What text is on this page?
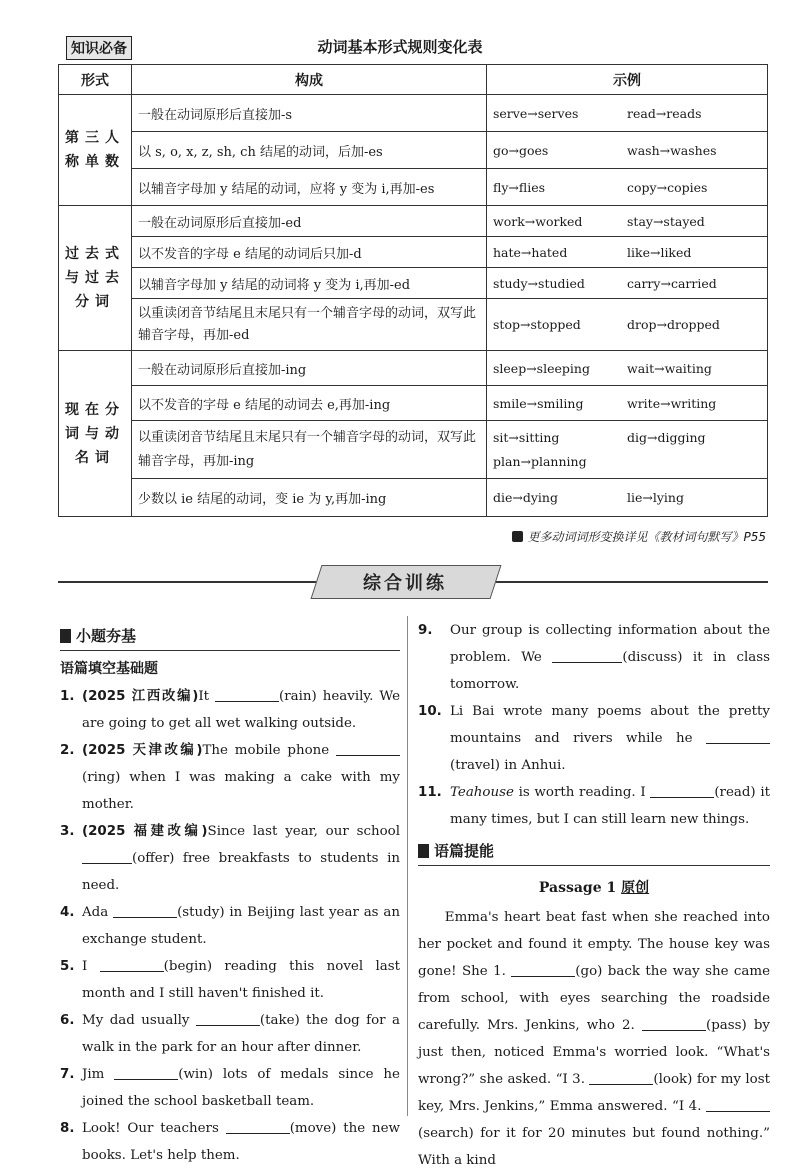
知识必备	动词基本形式规则变化表
形式	构成	示例
第三人称单数	一般在动词原形后直接加-s	serve→serves read→reads

	以 s, o, x, z, sh, ch 结尾的动词，后加-es	go→goes wash→washes

	以辅音字母加 y 结尾的动词，应将 y 变为 i,再加-es	fly→flies copy→copies

过去式与过去分词	一般在动词原形后直接加-ed	work→worked stay→stayed

	以不发音的字母 e 结尾的动词后只加-d	hate→hated like→liked

	以辅音字母加 y 结尾的动词将 y 变为 i,再加-ed	study→studied carry→carried

	以重读闭音节结尾且末尾只有一个辅音字母的动词，双写此辅音字母，再加-ed	stop→stopped drop→dropped

现在分词与动名词	一般在动词原形后直接加-ing	sleep→sleeping wait→waiting

	以不发音的字母 e 结尾的动词去 e,再加-ing	smile→smiling write→writing

	以重读闭音节结尾且末尾只有一个辅音字母的动词，双写此辅音字母，再加-ing	sit→sitting dig→digging
plan→planning

	少数以 ie 结尾的动词，变 ie 为 y,再加-ing	die→dying lie→lying
更多动词词形变换详见《教材词句默写》P55
综合训练
小题夯基
语篇填空基础题
1. (2025 江西改编)It	(rain) heavily. We are going to get all wet walking outside.
2. (2025 天津改编)The mobile phone (ring) when I was making a cake with my mother.
3. (2025 福建改编)Since last year, our school (offer) free breakfasts to students in need.
4. Ada	(study) in Beijing last year as an exchange student.
5. I	(begin) reading this novel last month and I still haven't finished it.
6. My dad usually	(take) the dog for a walk in the park for an hour after dinner.
7. Jim	(win) lots of medals since he joined the school basketball team.
8. Look! Our teachers	(move) the new books. Let's help them.
9.	Our group is collecting information about the problem. We	(discuss) it in class tomorrow.
10. Li Bai wrote many poems about the pretty mountains and rivers while he (travel) in Anhui.
11. Teahouse is worth reading. I	(read) it many times, but I can still learn new things.
语篇提能
Passage 1 原创
Emma's heart beat fast when she reached into her pocket and found it empty. The house key was gone! She 1.	(go) back the way she came from school, with eyes searching the roadside carefully. Mrs. Jenkins, who 2.	(pass) by just then, noticed Emma's worried look. “What's wrong?” she asked. “I 3.	(look) for my lost key, Mrs. Jenkins,” Emma answered. “I 4. (search) for it for 20 minutes but found nothing.” With a kind
